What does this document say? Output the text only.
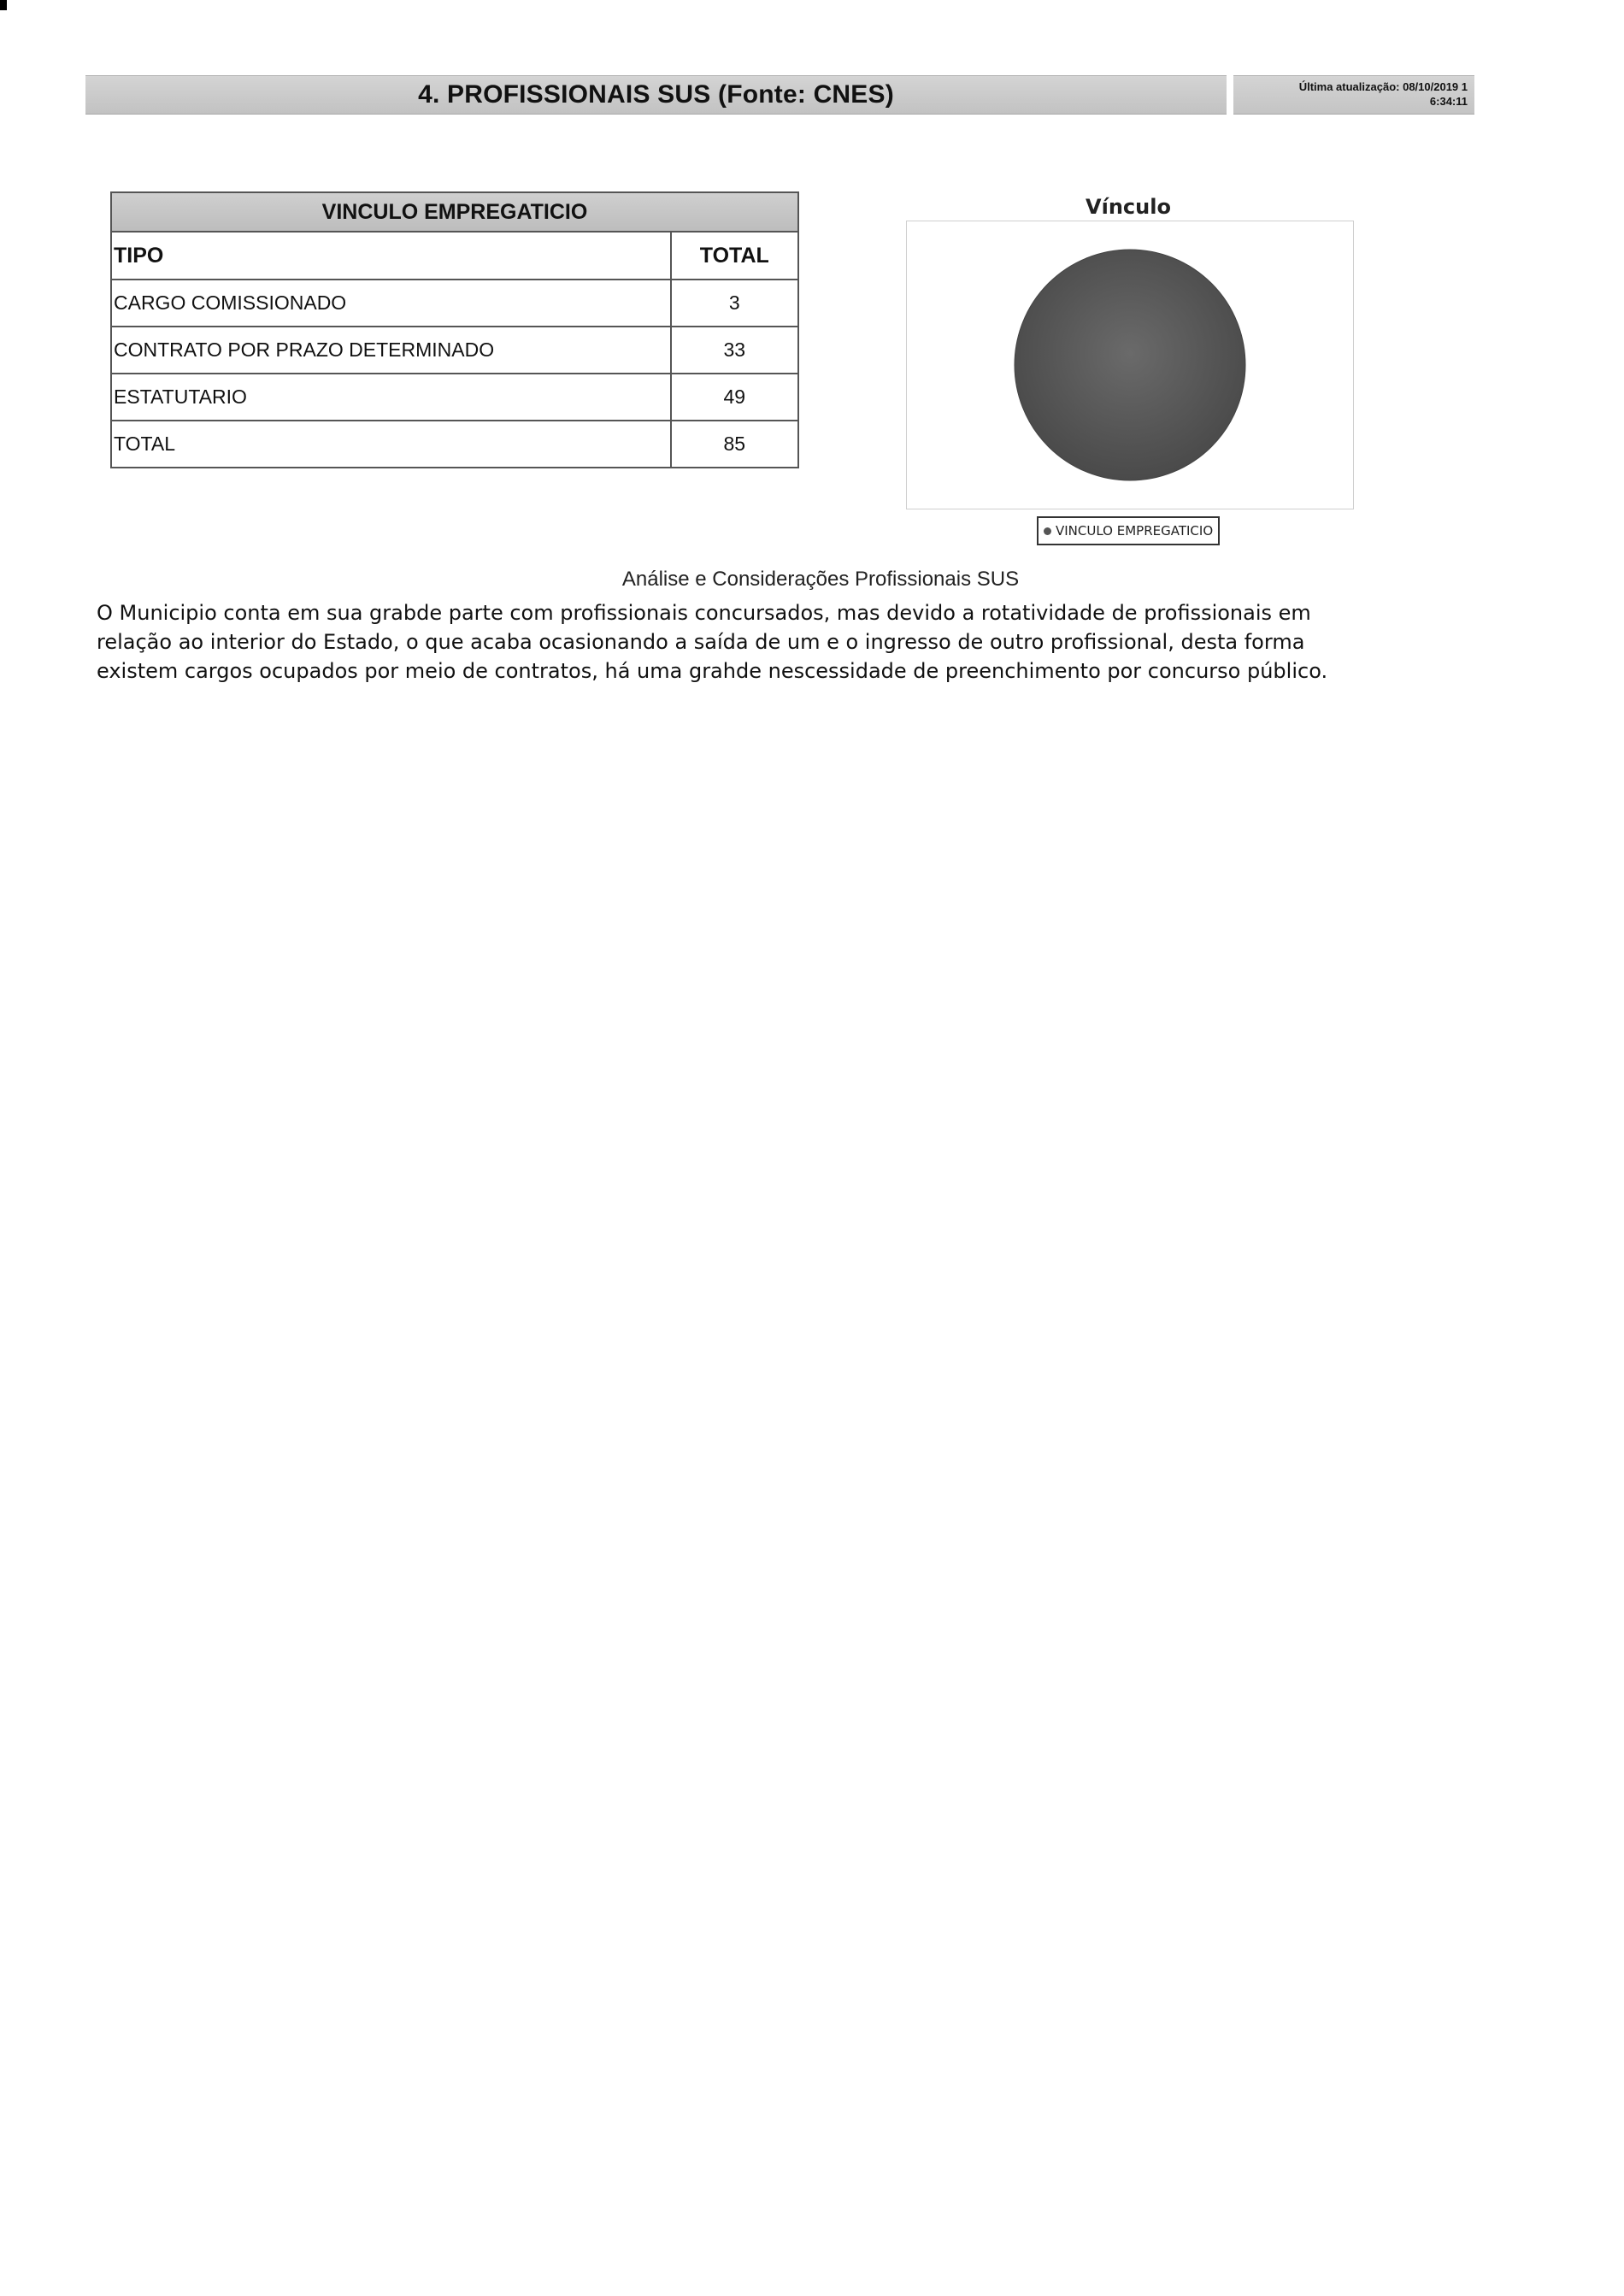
4. PROFISSIONAIS SUS (Fonte: CNES)	Última atualização: 08/10/2019 16:34:11
VINCULO EMPREGATICIO	
TIPO	TOTAL
CARGO COMISSIONADO	3
CONTRATO POR PRAZO DETERMINADO	33
ESTATUTARIO	49
TOTAL	85
Vínculo
VINCULO EMPREGATICIO
Análise e Considerações Profissionais SUS
O Municipio conta em sua grabde parte com profissionais concursados, mas devido a rotatividade de profissionais em
relação ao interior do Estado, o que acaba ocasionando a saída de um e o ingresso de outro profissional, desta forma
existem cargos ocupados por meio de contratos, há uma grahde nescessidade de preenchimento por concurso público.
